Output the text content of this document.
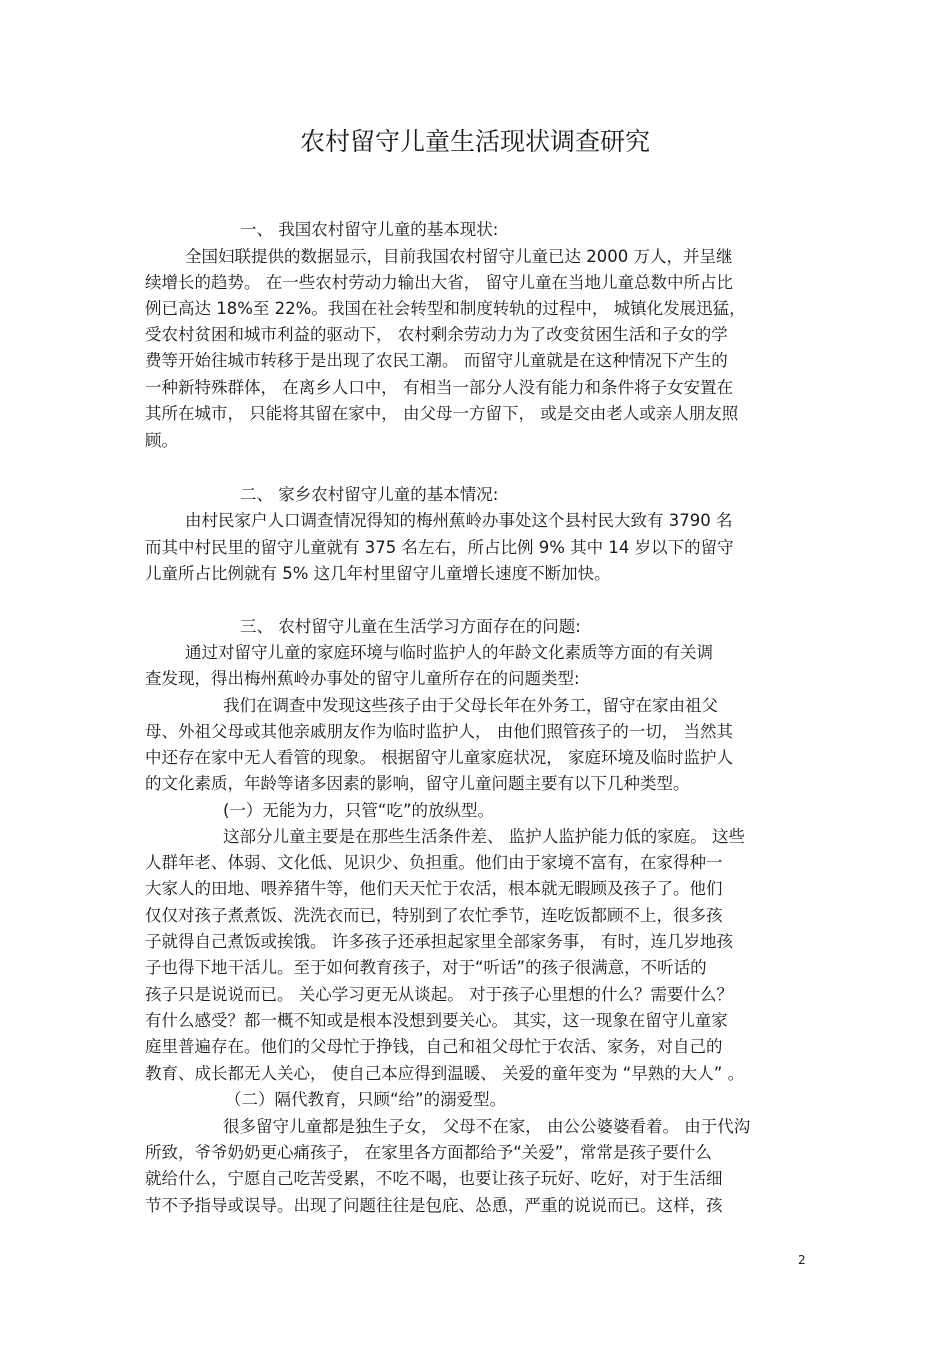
农村留守儿童生活现状调查研究
一、 我国农村留守儿童的基本现状:
全国妇联提供的数据显示，目前我国农村留守儿童已达 2000 万人，并呈继
续增长的趋势。 在一些农村劳动力输出大省， 留守儿童在当地儿童总数中所占比
例已高达 18%至 22%。我国在社会转型和制度转轨的过程中， 城镇化发展迅猛，
受农村贫困和城市利益的驱动下， 农村剩余劳动力为了改变贫困生活和子女的学
费等开始往城市转移于是出现了农民工潮。 而留守儿童就是在这种情况下产生的
一种新特殊群体， 在离乡人口中， 有相当一部分人没有能力和条件将子女安置在
其所在城市， 只能将其留在家中， 由父母一方留下， 或是交由老人或亲人朋友照
顾。
二、 家乡农村留守儿童的基本情况:
由村民家户人口调查情况得知的梅州蕉岭办事处这个县村民大致有 3790 名
而其中村民里的留守儿童就有 375 名左右，所占比例 9% 其中 14 岁以下的留守
儿童所占比例就有 5% 这几年村里留守儿童增长速度不断加快。
三、 农村留守儿童在生活学习方面存在的问题:
通过对留守儿童的家庭环境与临时监护人的年龄文化素质等方面的有关调
查发现，得出梅州蕉岭办事处的留守儿童所存在的问题类型:
我们在调查中发现这些孩子由于父母长年在外务工，留守在家由祖父
母、外祖父母或其他亲戚朋友作为临时监护人， 由他们照管孩子的一切， 当然其
中还存在家中无人看管的现象。 根据留守儿童家庭状况， 家庭环境及临时监护人
的文化素质，年龄等诸多因素的影响，留守儿童问题主要有以下几种类型。
(一）无能为力，只管“吃”的放纵型。
这部分儿童主要是在那些生活条件差、 监护人监护能力低的家庭。 这些
人群年老、体弱、文化低、见识少、负担重。他们由于家境不富有，在家得种一
大家人的田地、喂养猪牛等，他们天天忙于农活，根本就无暇顾及孩子了。他们
仅仅对孩子煮煮饭、洗洗衣而已，特别到了农忙季节，连吃饭都顾不上，很多孩
子就得自己煮饭或挨饿。 许多孩子还承担起家里全部家务事， 有时，连几岁地孩
子也得下地干活儿。至于如何教育孩子，对于“听话”的孩子很满意，不听话的
孩子只是说说而已。 关心学习更无从谈起。 对于孩子心里想的什么？需要什么？
有什么感受？都一概不知或是根本没想到要关心。 其实，这一现象在留守儿童家
庭里普遍存在。他们的父母忙于挣钱，自己和祖父母忙于农活、家务，对自己的
教育、成长都无人关心， 使自己本应得到温暖、 关爱的童年变为 “早熟的大人” 。
（二）隔代教育，只顾“给”的溺爱型。
很多留守儿童都是独生子女， 父母不在家， 由公公婆婆看着。 由于代沟
所致，爷爷奶奶更心痛孩子， 在家里各方面都给予“关爱”，常常是孩子要什么
就给什么，宁愿自己吃苦受累，不吃不喝，也要让孩子玩好、吃好，对于生活细
节不予指导或误导。出现了问题往往是包庇、怂恿，严重的说说而已。这样，孩
2
